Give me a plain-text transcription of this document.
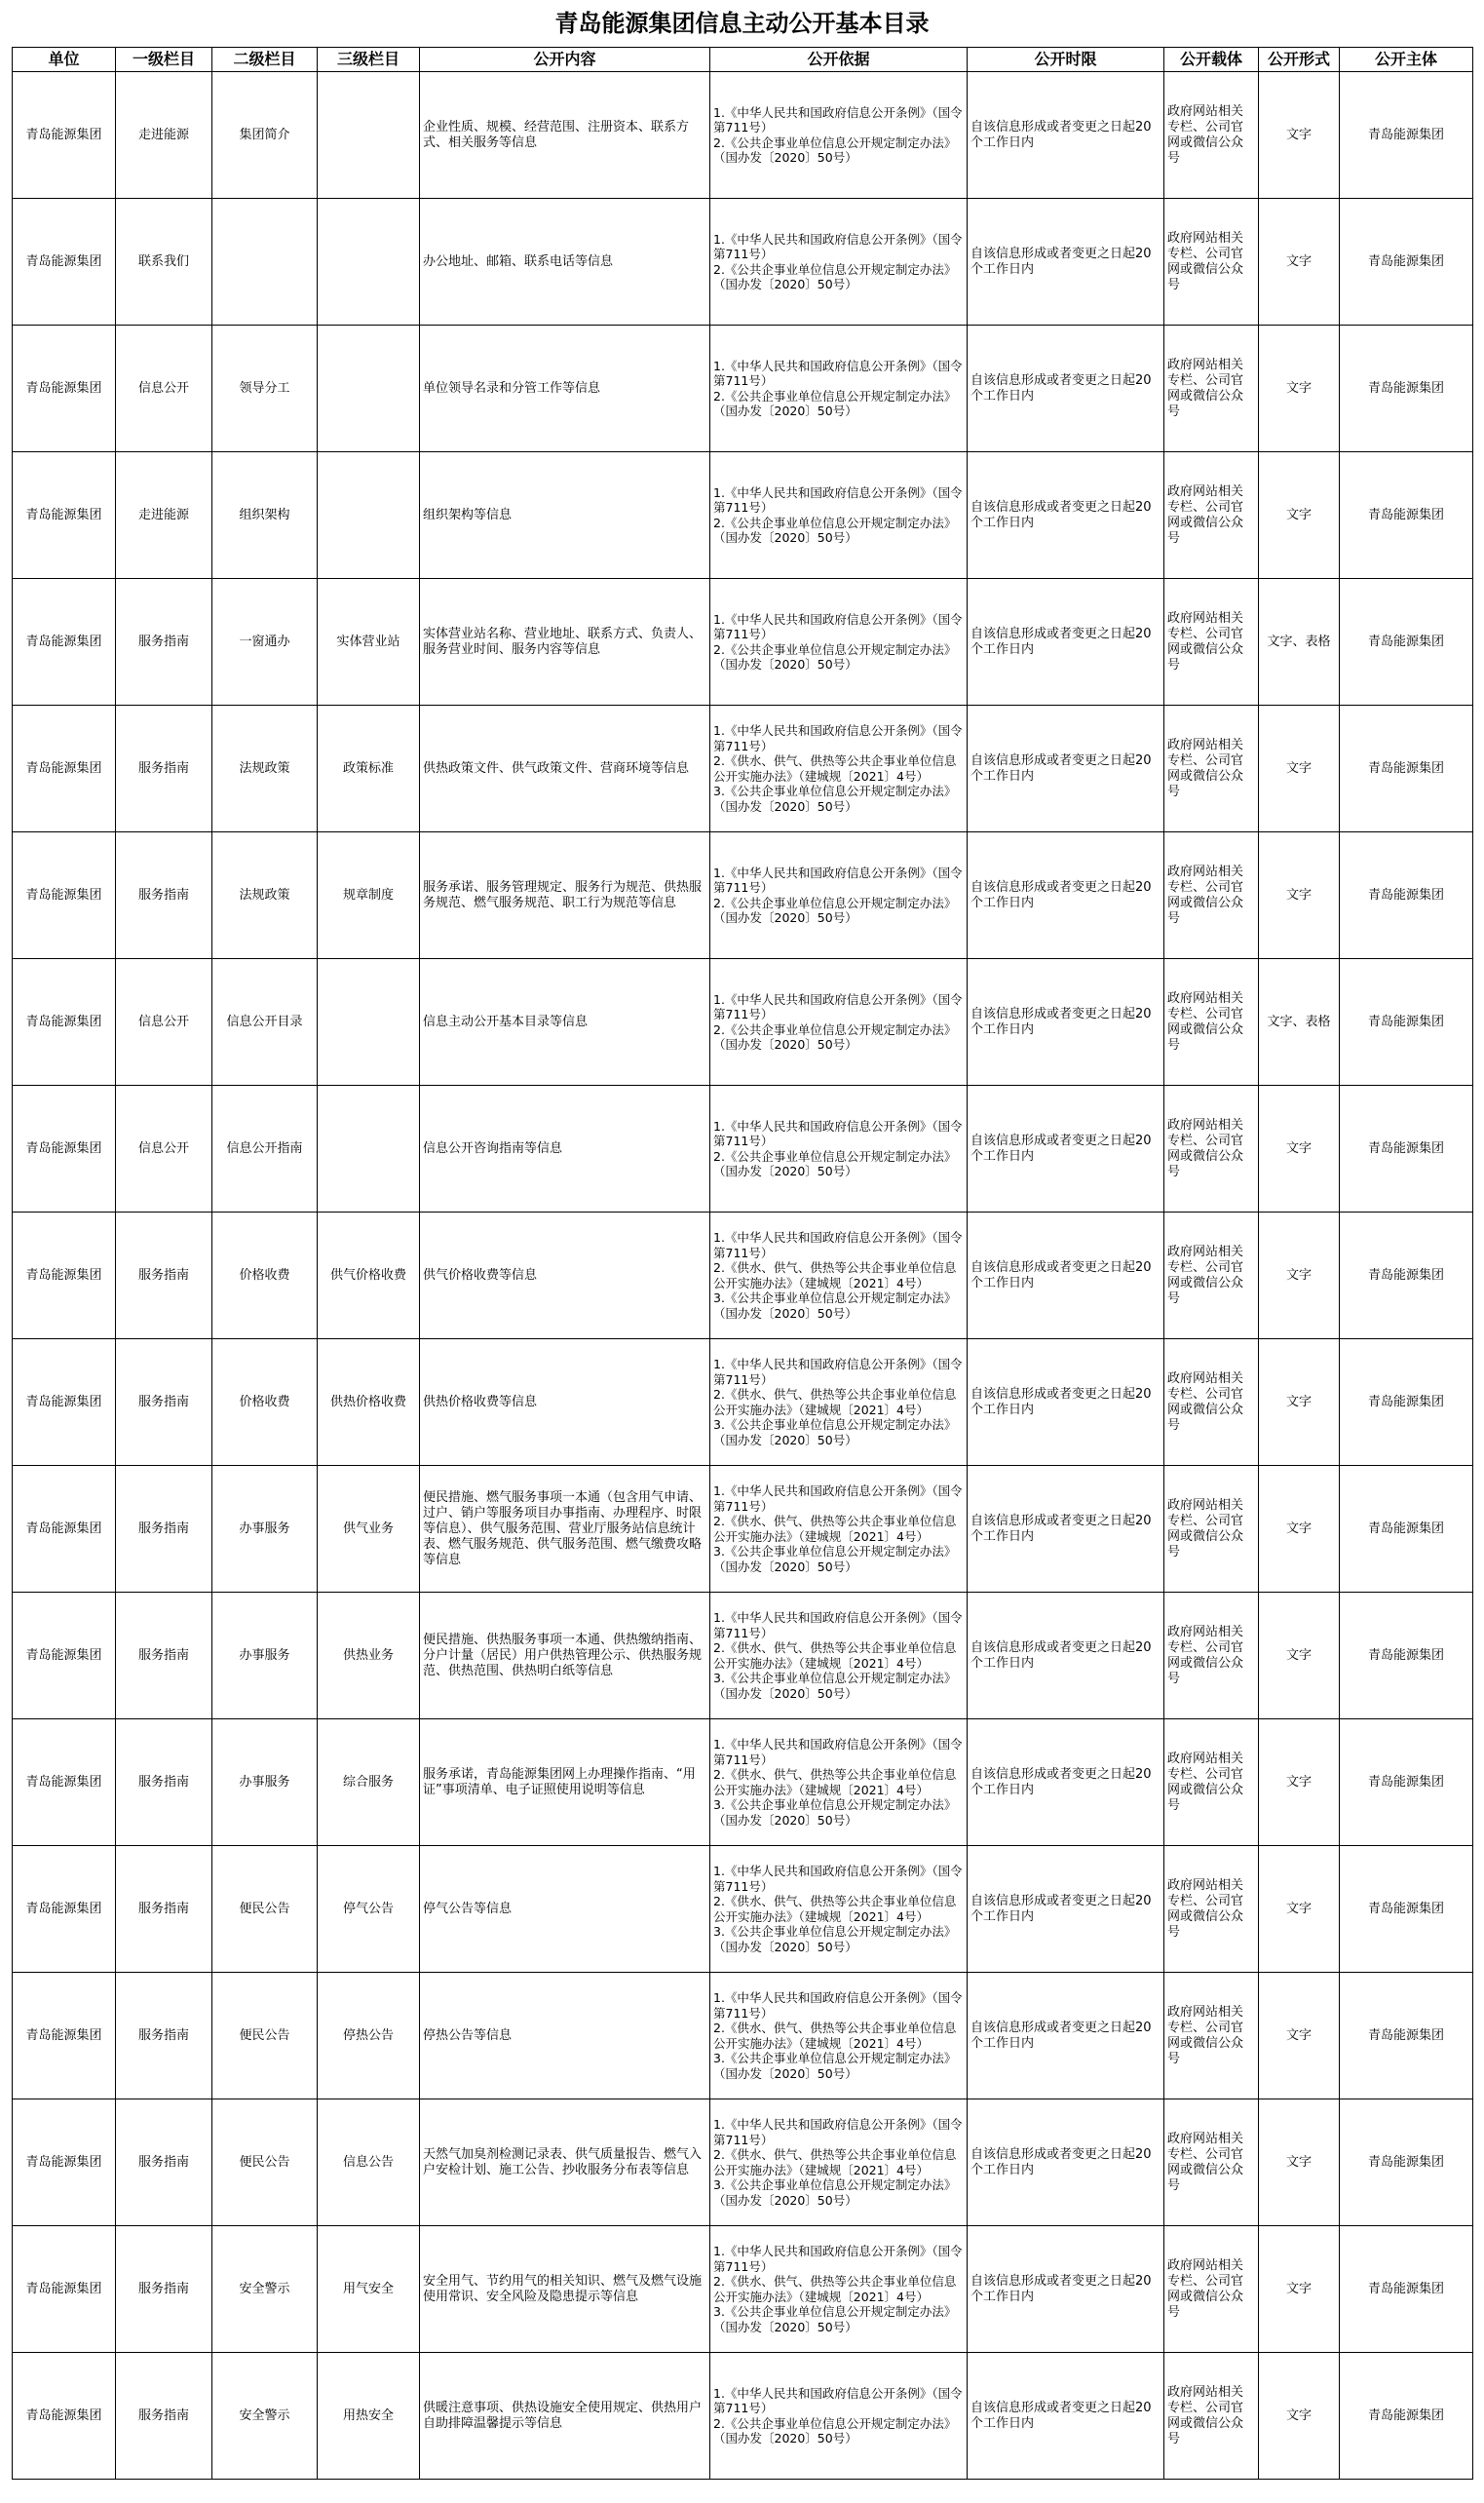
青岛能源集团信息主动公开基本目录
单位	一级栏目	二级栏目	三级栏目	公开内容	公开依据	公开时限	公开载体	公开形式	公开主体
青岛能源集团	走进能源	集团简介		企业性质、规模、经营范围、注册资本、联系方式、相关服务等信息	1.《中华人民共和国政府信息公开条例》（国令第711号）
2.《公共企事业单位信息公开规定制定办法》（国办发〔2020〕50号）	自该信息形成或者变更之日起20个工作日内	政府网站相关专栏、公司官网或微信公众号	文字	青岛能源集团
青岛能源集团	联系我们			办公地址、邮箱、联系电话等信息	1.《中华人民共和国政府信息公开条例》（国令第711号）
2.《公共企事业单位信息公开规定制定办法》（国办发〔2020〕50号）	自该信息形成或者变更之日起20个工作日内	政府网站相关专栏、公司官网或微信公众号	文字	青岛能源集团
青岛能源集团	信息公开	领导分工		单位领导名录和分管工作等信息	1.《中华人民共和国政府信息公开条例》（国令第711号）
2.《公共企事业单位信息公开规定制定办法》（国办发〔2020〕50号）	自该信息形成或者变更之日起20个工作日内	政府网站相关专栏、公司官网或微信公众号	文字	青岛能源集团
青岛能源集团	走进能源	组织架构		组织架构等信息	1.《中华人民共和国政府信息公开条例》（国令第711号）
2.《公共企事业单位信息公开规定制定办法》（国办发〔2020〕50号）	自该信息形成或者变更之日起20个工作日内	政府网站相关专栏、公司官网或微信公众号	文字	青岛能源集团
青岛能源集团	服务指南	一窗通办	实体营业站	实体营业站名称、营业地址、联系方式、负责人、服务营业时间、服务内容等信息	1.《中华人民共和国政府信息公开条例》（国令第711号）
2.《公共企事业单位信息公开规定制定办法》（国办发〔2020〕50号）	自该信息形成或者变更之日起20个工作日内	政府网站相关专栏、公司官网或微信公众号	文字、表格	青岛能源集团
青岛能源集团	服务指南	法规政策	政策标准	供热政策文件、供气政策文件、营商环境等信息	1.《中华人民共和国政府信息公开条例》（国令第711号）
2.《供水、供气、供热等公共企事业单位信息公开实施办法》（建城规〔2021〕4号）
3.《公共企事业单位信息公开规定制定办法》（国办发〔2020〕50号）	自该信息形成或者变更之日起20个工作日内	政府网站相关专栏、公司官网或微信公众号	文字	青岛能源集团
青岛能源集团	服务指南	法规政策	规章制度	服务承诺、服务管理规定、服务行为规范、供热服务规范、燃气服务规范、职工行为规范等信息	1.《中华人民共和国政府信息公开条例》（国令第711号）
2.《公共企事业单位信息公开规定制定办法》（国办发〔2020〕50号）	自该信息形成或者变更之日起20个工作日内	政府网站相关专栏、公司官网或微信公众号	文字	青岛能源集团
青岛能源集团	信息公开	信息公开目录		信息主动公开基本目录等信息	1.《中华人民共和国政府信息公开条例》（国令第711号）
2.《公共企事业单位信息公开规定制定办法》（国办发〔2020〕50号）	自该信息形成或者变更之日起20个工作日内	政府网站相关专栏、公司官网或微信公众号	文字、表格	青岛能源集团
青岛能源集团	信息公开	信息公开指南		信息公开咨询指南等信息	1.《中华人民共和国政府信息公开条例》（国令第711号）
2.《公共企事业单位信息公开规定制定办法》（国办发〔2020〕50号）	自该信息形成或者变更之日起20个工作日内	政府网站相关专栏、公司官网或微信公众号	文字	青岛能源集团
青岛能源集团	服务指南	价格收费	供气价格收费	供气价格收费等信息	1.《中华人民共和国政府信息公开条例》（国令第711号）
2.《供水、供气、供热等公共企事业单位信息公开实施办法》（建城规〔2021〕4号）
3.《公共企事业单位信息公开规定制定办法》（国办发〔2020〕50号）	自该信息形成或者变更之日起20个工作日内	政府网站相关专栏、公司官网或微信公众号	文字	青岛能源集团
青岛能源集团	服务指南	价格收费	供热价格收费	供热价格收费等信息	1.《中华人民共和国政府信息公开条例》（国令第711号）
2.《供水、供气、供热等公共企事业单位信息公开实施办法》（建城规〔2021〕4号）
3.《公共企事业单位信息公开规定制定办法》（国办发〔2020〕50号）	自该信息形成或者变更之日起20个工作日内	政府网站相关专栏、公司官网或微信公众号	文字	青岛能源集团
青岛能源集团	服务指南	办事服务	供气业务	便民措施、燃气服务事项一本通（包含用气申请、过户、销户等服务项目办事指南、办理程序、时限等信息）、供气服务范围、营业厅服务站信息统计表、燃气服务规范、供气服务范围、燃气缴费攻略等信息	1.《中华人民共和国政府信息公开条例》（国令第711号）
2.《供水、供气、供热等公共企事业单位信息公开实施办法》（建城规〔2021〕4号）
3.《公共企事业单位信息公开规定制定办法》（国办发〔2020〕50号）	自该信息形成或者变更之日起20个工作日内	政府网站相关专栏、公司官网或微信公众号	文字	青岛能源集团
青岛能源集团	服务指南	办事服务	供热业务	便民措施、供热服务事项一本通、供热缴纳指南、分户计量（居民）用户供热管理公示、供热服务规范、供热范围、供热明白纸等信息	1.《中华人民共和国政府信息公开条例》（国令第711号）
2.《供水、供气、供热等公共企事业单位信息公开实施办法》（建城规〔2021〕4号）
3.《公共企事业单位信息公开规定制定办法》（国办发〔2020〕50号）	自该信息形成或者变更之日起20个工作日内	政府网站相关专栏、公司官网或微信公众号	文字	青岛能源集团
青岛能源集团	服务指南	办事服务	综合服务	服务承诺，青岛能源集团网上办理操作指南、“用证”事项清单、电子证照使用说明等信息	1.《中华人民共和国政府信息公开条例》（国令第711号）
2.《供水、供气、供热等公共企事业单位信息公开实施办法》（建城规〔2021〕4号）
3.《公共企事业单位信息公开规定制定办法》（国办发〔2020〕50号）	自该信息形成或者变更之日起20个工作日内	政府网站相关专栏、公司官网或微信公众号	文字	青岛能源集团
青岛能源集团	服务指南	便民公告	停气公告	停气公告等信息	1.《中华人民共和国政府信息公开条例》（国令第711号）
2.《供水、供气、供热等公共企事业单位信息公开实施办法》（建城规〔2021〕4号）
3.《公共企事业单位信息公开规定制定办法》（国办发〔2020〕50号）	自该信息形成或者变更之日起20个工作日内	政府网站相关专栏、公司官网或微信公众号	文字	青岛能源集团
青岛能源集团	服务指南	便民公告	停热公告	停热公告等信息	1.《中华人民共和国政府信息公开条例》（国令第711号）
2.《供水、供气、供热等公共企事业单位信息公开实施办法》（建城规〔2021〕4号）
3.《公共企事业单位信息公开规定制定办法》（国办发〔2020〕50号）	自该信息形成或者变更之日起20个工作日内	政府网站相关专栏、公司官网或微信公众号	文字	青岛能源集团
青岛能源集团	服务指南	便民公告	信息公告	天然气加臭剂检测记录表、供气质量报告、燃气入户安检计划、施工公告、抄收服务分布表等信息	1.《中华人民共和国政府信息公开条例》（国令第711号）
2.《供水、供气、供热等公共企事业单位信息公开实施办法》（建城规〔2021〕4号）
3.《公共企事业单位信息公开规定制定办法》（国办发〔2020〕50号）	自该信息形成或者变更之日起20个工作日内	政府网站相关专栏、公司官网或微信公众号	文字	青岛能源集团
青岛能源集团	服务指南	安全警示	用气安全	安全用气、节约用气的相关知识、燃气及燃气设施使用常识、安全风险及隐患提示等信息	1.《中华人民共和国政府信息公开条例》（国令第711号）
2.《供水、供气、供热等公共企事业单位信息公开实施办法》（建城规〔2021〕4号）
3.《公共企事业单位信息公开规定制定办法》（国办发〔2020〕50号）	自该信息形成或者变更之日起20个工作日内	政府网站相关专栏、公司官网或微信公众号	文字	青岛能源集团
青岛能源集团	服务指南	安全警示	用热安全	供暖注意事项、供热设施安全使用规定、供热用户自助排障温馨提示等信息	1.《中华人民共和国政府信息公开条例》（国令第711号）
2.《公共企事业单位信息公开规定制定办法》（国办发〔2020〕50号）	自该信息形成或者变更之日起20个工作日内	政府网站相关专栏、公司官网或微信公众号	文字	青岛能源集团
